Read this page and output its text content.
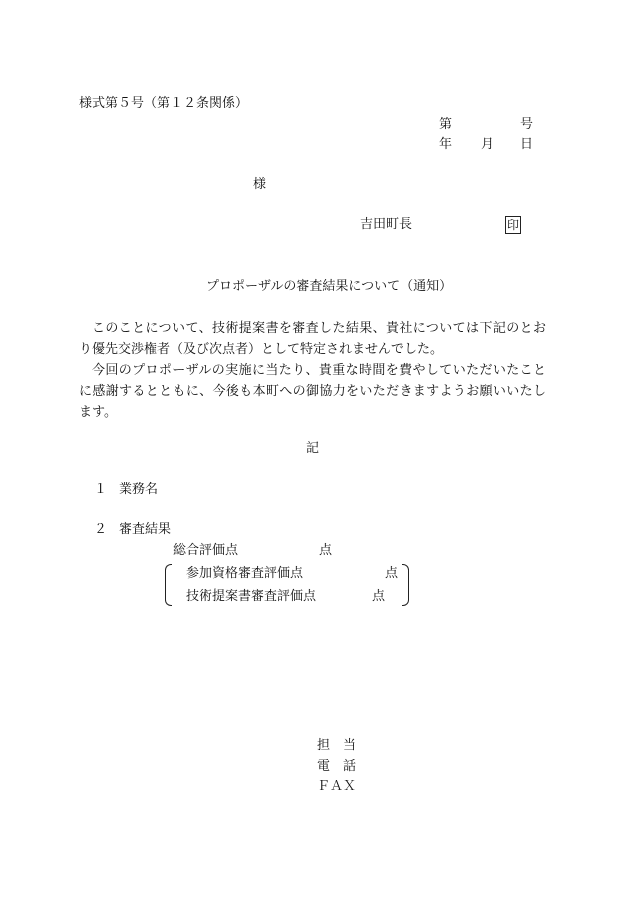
様式第５号（第１２条関係）
第	号
年 月 日
様
吉田町長	印
プロポーザルの審査結果について（通知）
このことについて、技術提案書を審査した結果、貴社については下記のとおり優先交渉権者（及び次点者）として特定されませんでした。
今回のプロポーザルの実施に当たり、貴重な時間を費やしていただいたことに感謝するとともに、今後も本町への御協力をいただきますようお願いいたします。
記
１ 業務名
２ 審査結果
総合評価点	点
参加資格審査評価点	点
技術提案書審査評価点	点
担　当
電　話
ＦＡＸ
